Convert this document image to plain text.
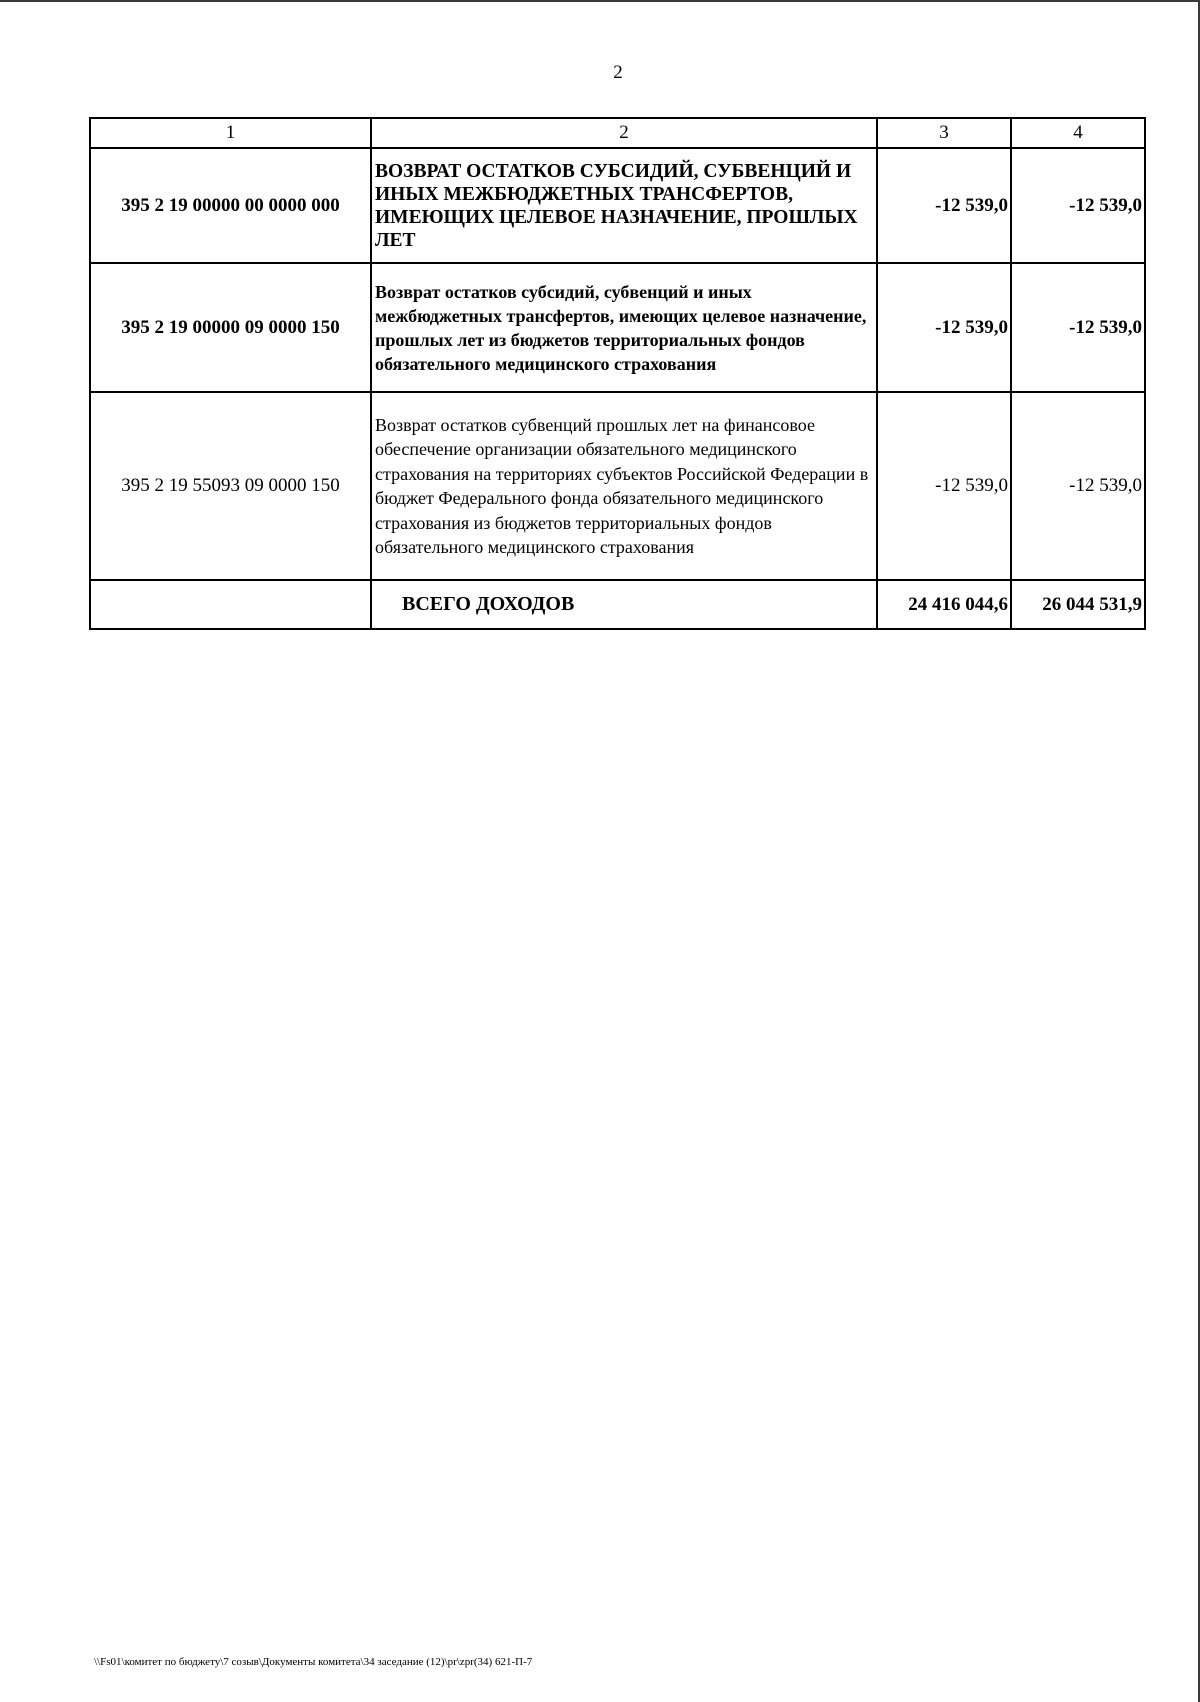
2
1	2	3	4
395 2 19 00000 00 0000 000	ВОЗВРАТ ОСТАТКОВ СУБСИДИЙ, СУБВЕНЦИЙ И ИНЫХ МЕЖБЮДЖЕТНЫХ ТРАНСФЕРТОВ, ИМЕЮЩИХ ЦЕЛЕВОЕ НАЗНАЧЕНИЕ, ПРОШЛЫХ ЛЕТ	-12 539,0	-12 539,0
395 2 19 00000 09 0000 150	Возврат остатков субсидий, субвенций и иных межбюджетных трансфертов, имеющих целевое назначение, прошлых лет из бюджетов территориальных фондов обязательного медицинского страхования	-12 539,0	-12 539,0
395 2 19 55093 09 0000 150	Возврат остатков субвенций прошлых лет на финансовое обеспечение организации обязательного медицинского страхования на территориях субъектов Российской Федерации в бюджет Федерального фонда обязательного медицинского страхования из бюджетов территориальных фондов обязательного медицинского страхования	-12 539,0	-12 539,0
	ВСЕГО ДОХОДОВ	24 416 044,6	26 044 531,9
\\Fs01\комитет по бюджету\7 созыв\Документы комитета\34 заседание (12)\pr\zpr(34) 621-П-7
